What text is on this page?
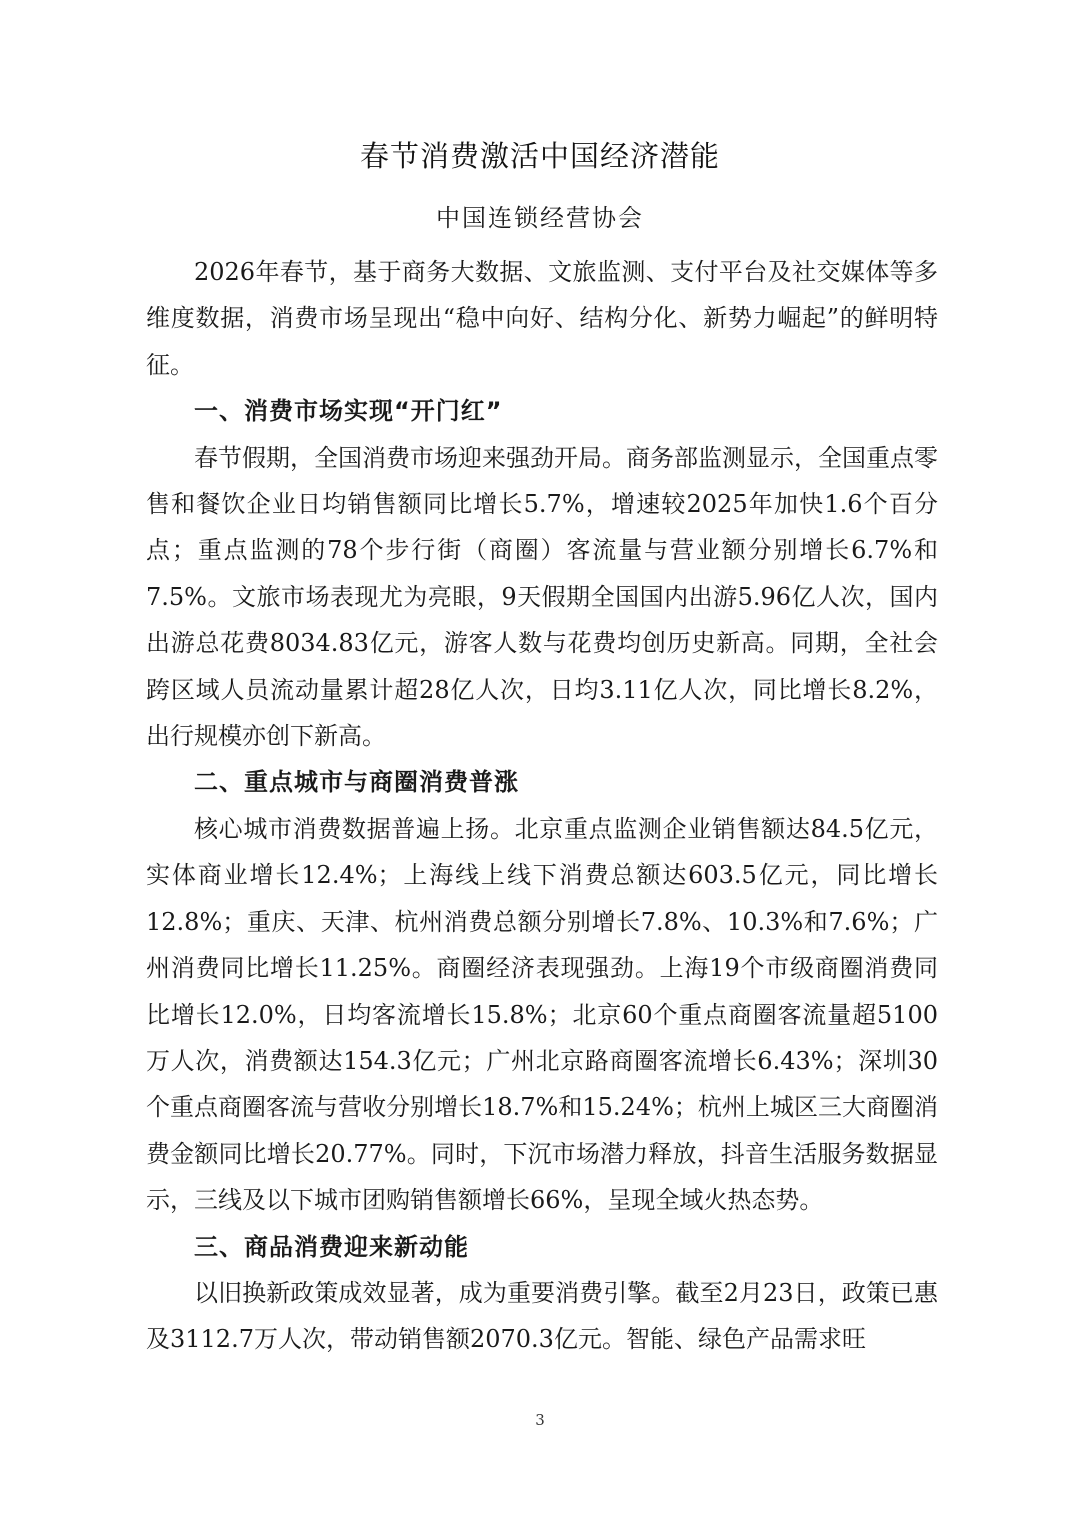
春节消费激活中国经济潜能
中国连锁经营协会

2026年春节，基于商务大数据、文旅监测、支付平台及社交媒体等多维度数据，消费市场呈现出“稳中向好、结构分化、新势力崛起”的鲜明特征。

一、消费市场实现“开门红”

春节假期，全国消费市场迎来强劲开局。商务部监测显示，全国重点零售和餐饮企业日均销售额同比增长5.7%，增速较2025年加快1.6个百分点；重点监测的78个步行街（商圈）客流量与营业额分别增长6.7%和7.5%。文旅市场表现尤为亮眼，9天假期全国国内出游5.96亿人次，国内出游总花费8034.83亿元，游客人数与花费均创历史新高。同期，全社会跨区域人员流动量累计超28亿人次，日均3.11亿人次，同比增长8.2%，出行规模亦创下新高。

二、重点城市与商圈消费普涨

核心城市消费数据普遍上扬。北京重点监测企业销售额达84.5亿元，实体商业增长12.4%；上海线上线下消费总额达603.5亿元，同比增长12.8%；重庆、天津、杭州消费总额分别增长7.8%、10.3%和7.6%；广州消费同比增长11.25%。商圈经济表现强劲。上海19个市级商圈消费同比增长12.0%，日均客流增长15.8%；北京60个重点商圈客流量超5100万人次，消费额达154.3亿元；广州北京路商圈客流增长6.43%；深圳30个重点商圈客流与营收分别增长18.7%和15.24%；杭州上城区三大商圈消费金额同比增长20.77%。同时，下沉市场潜力释放，抖音生活服务数据显示，三线及以下城市团购销售额增长66%，呈现全域火热态势。

三、商品消费迎来新动能

以旧换新政策成效显著，成为重要消费引擎。截至2月23日，政策已惠及3112.7万人次，带动销售额2070.3亿元。智能、绿色产品需求旺

3
